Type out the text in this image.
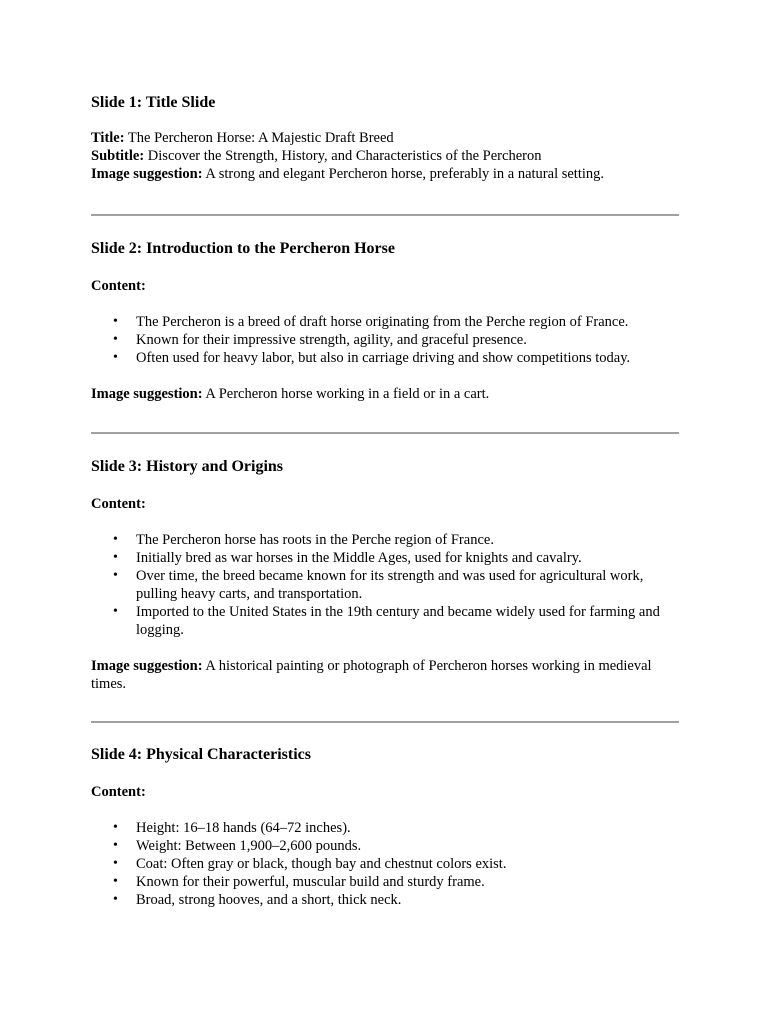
Slide 1: Title Slide

Title: The Percheron Horse: A Majestic Draft Breed

Subtitle: Discover the Strength, History, and Characteristics of the Percheron

Image suggestion: A strong and elegant Percheron horse, preferably in a natural setting.

Slide 2: Introduction to the Percheron Horse

Content:

• The Percheron is a breed of draft horse originating from the Perche region of France.
• Known for their impressive strength, agility, and graceful presence.
• Often used for heavy labor, but also in carriage driving and show competitions today.

Image suggestion: A Percheron horse working in a field or in a cart.

Slide 3: History and Origins

Content:

• The Percheron horse has roots in the Perche region of France.
• Initially bred as war horses in the Middle Ages, used for knights and cavalry.
• Over time, the breed became known for its strength and was used for agricultural work, pulling heavy carts, and transportation.
• Imported to the United States in the 19th century and became widely used for farming and logging.

Image suggestion: A historical painting or photograph of Percheron horses working in medieval times.

Slide 4: Physical Characteristics

Content:

• Height: 16–18 hands (64–72 inches).
• Weight: Between 1,900–2,600 pounds.
• Coat: Often gray or black, though bay and chestnut colors exist.
• Known for their powerful, muscular build and sturdy frame.
• Broad, strong hooves, and a short, thick neck.
